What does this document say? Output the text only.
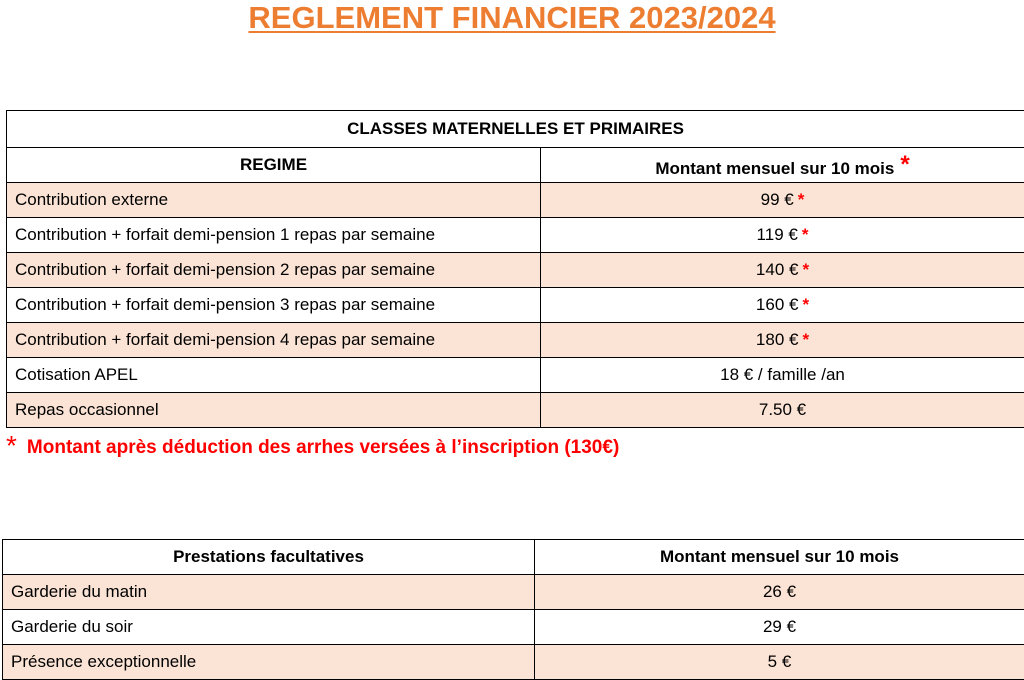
REGLEMENT FINANCIER 2023/2024
CLASSES MATERNELLES ET PRIMAIRES	
REGIME	Montant mensuel sur 10 mois *
Contribution externe	99 € *
Contribution + forfait demi-pension 1 repas par semaine	119 € *
Contribution + forfait demi-pension 2 repas par semaine	140 € *
Contribution + forfait demi-pension 3 repas par semaine	160 € *
Contribution + forfait demi-pension 4 repas par semaine	180 € *
Cotisation APEL	18 € / famille /an
Repas occasionnel	7.50 €
* Montant après déduction des arrhes versées à l’inscription (130€)
Prestations facultatives	Montant mensuel sur 10 mois
Garderie du matin	26 €
Garderie du soir	29 €
Présence exceptionnelle	5 €
